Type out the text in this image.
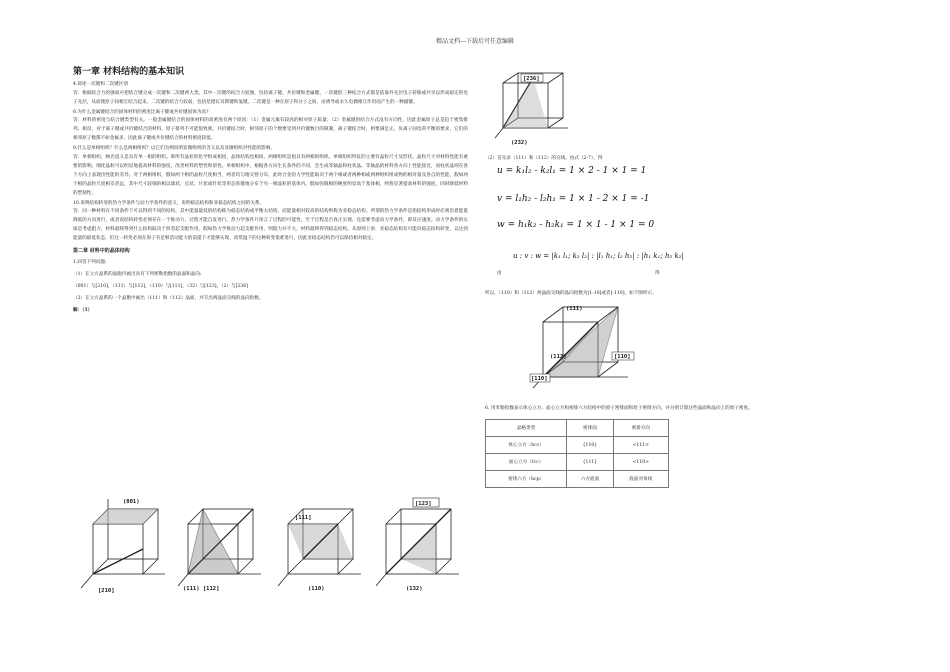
精品文档---下载后可任意编辑
第一章 材料结构的基本知识

4.简述一次键和二次键区别

答：根据结合力的强弱可把结合键分成一次键和二次键两大类。其中一次键的结合力较强，包括离子键、共价键和金属键。一次键的三种结合方式都是依靠外壳层电子转移或共享以形成稳定的电子壳层，从而使原子间相互结合起来。二次键的结合力较弱，包括范德瓦耳斯键和氢键。二次键是一种在原子和分子之间，由诱导或永久电偶相互作用而产生的一种副键。

6.为什么金属键结合的固体材料的密度比离子键或共价键固体为高?

答：材料的密度与结合键类型有关。一般金属键结合的固体材料的高密度有两个原因：（1）金属元素有较高的相对原子质量；（2）金属键的结合方式没有方向性，因此金属原子总是趋于密集排列。相反，对于离子键或共价键结合的材料，原子排列不可能很致密。共价键结合时，相邻原子的个数要受到共价键数目的限制，离子键结合时，则要满足正、负离子间电荷平衡的要求，它们的相邻原子数都不如金属多，因此离子键或共价键结合的材料密度较低。

9.什么是单相组织？什么是两相组织？以它们为例说明显微组织的含义以及显微组织对性能的影响。

答：单相组织，顾名思义是具有单一相的组织。即所有晶粒的化学组成相同，晶体结构也相同。两相组织是指具有两相的组织。单相组织特征的主要有晶粒尺寸及形状。晶粒尺寸对材料性能有重要的影响，细化晶粒可以明显地提高材料的强度，改善材料的塑性和韧性。单相组织中，根据各方向生长条件的不同，会生成等轴晶和柱状晶。等轴晶的材料各方向上性能接近，而柱状晶则在各个方向上表现出性能的差异。对于两相组织，假如两个相的晶粒尺度相当，两者均匀地交替分布，此时合金的力学性能取决于两个相或者两种相或两种组织组成物的相对量及各自的性能。假如两个相的晶粒尺度相差甚远，其中尺寸较细的相以球状、点状、片状或针状等形态弥散地分布于另一相晶粒的基体内。假如弥散相的硬度明显高于基体相，则将显著提高材料的强度，同时降低材料的塑韧性。

10.说明结构转变的热力学条件与动力学条件的意义，说明稳态结构和亚稳态结构之间的关系。

答：同一种材料在不同条件下可以得到不同的结构，其中能量最低的结构称为稳态结构或平衡太结构，而能量相对较高的结构则称为亚稳态结构。所谓的热力学条件是指结构形成时必须沿着能量降低的方向进行，或者说结构转变必须存在一个推动力，过程才能自发进行。热力学条件只预言了过程的可能性，至于过程是否真正实现，还需要考虑动力学条件，即反应速度。动力学条件的实质是考虑阻力，材料最终得到什么结构取决于何者起支配作用，假如热力学推动力起支配作用，则阻力并不大，材料最终得到稳态结构。从原则上讲，亚稳态结构有可能向稳态结构转变，以达到能量的最低状态，但这一转变必须在原子有足够活动能力的前提下才能够实现，而常温下的这种转变很难进行，因此亚稳态结构仍可以保持相对稳定。

第二章 材料中的晶体结构

1.回答下列问题:

（1）在立方晶系的晶胞内画出具有下列密勒指数的晶面和晶向:

（001）与[210]，（111）与[112]，（110）与[111]，（32）与[123]，（2）与[236]

（2）在立方晶系的一个晶胞中画出（111）和（112）晶面，并写出两晶面交线的晶向指数。

解：（1）

(001)
[210]	(111) [112]
[111]
(110)
[123]
(132)
[236]
(232)
（2）首先求（111）和（112）的交线。由式（2-7），得
u = k₁l₂ - k₂l₁ = 1 × 2 - 1 × 1 = 1
v = l₁h₂ - l₂h₁ = 1 × 1 - 2 × 1 = -1
w = h₁k₂ - h₂k₁ = 1 × 1 - 1 × 1 = 0
由
u : v : w = |k₁ l₁; k₂ l₂| : |l₁ h₁; l₂ h₂| : |h₁ k₁; h₂ k₂|
得
所以，（110）和（112）两晶面交线的晶向指数为[1-10]或者[-110]，如下图所示。
(111)
(112)	[110]
[110]
6. 用米勒指数表示体心立方、面心立方和密排六方结构中的原子密排面和原子密排方向，并分别计算这些晶面和晶向上的原子密度。
晶格类型	密排面	密排方向
体心立方（bcc）	{110}	<111>
面心立方（fcc）	{111}	<110>
密排六方（hcp）	六方底面	底面对角线
